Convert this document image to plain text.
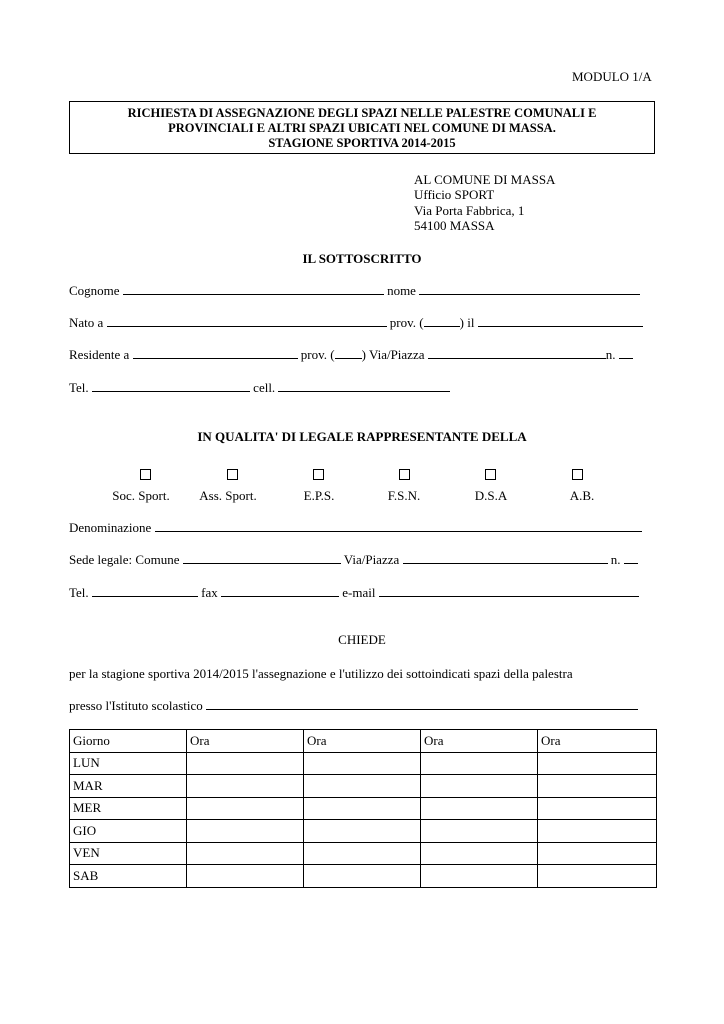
MODULO 1/A
RICHIESTA DI ASSEGNAZIONE DEGLI SPAZI NELLE PALESTRE COMUNALI E
PROVINCIALI E ALTRI SPAZI UBICATI NEL COMUNE DI MASSA.
STAGIONE SPORTIVA 2014-2015
AL COMUNE DI MASSA
Ufficio SPORT
Via Porta Fabbrica, 1
54100 MASSA
IL SOTTOSCRITTO
Cognome	nome
Nato a	prov. (	) il
Residente a	prov. ( ) Via/Piazza	n.
Tel.	cell.
IN QUALITA' DI LEGALE RAPPRESENTANTE DELLA
Soc. Sport.	Ass. Sport.	E.P.S.	F.S.N.	D.S.A	A.B.
Denominazione
Sede legale: Comune	Via/Piazza	n.
Tel.	fax	e-mail
CHIEDE
per la stagione sportiva 2014/2015 l'assegnazione e l'utilizzo dei sottoindicati spazi della palestra
presso l'Istituto scolastico
Giorno	Ora	Ora	Ora	Ora
LUN				
MAR				
MER				
GIO				
VEN				
SAB				
